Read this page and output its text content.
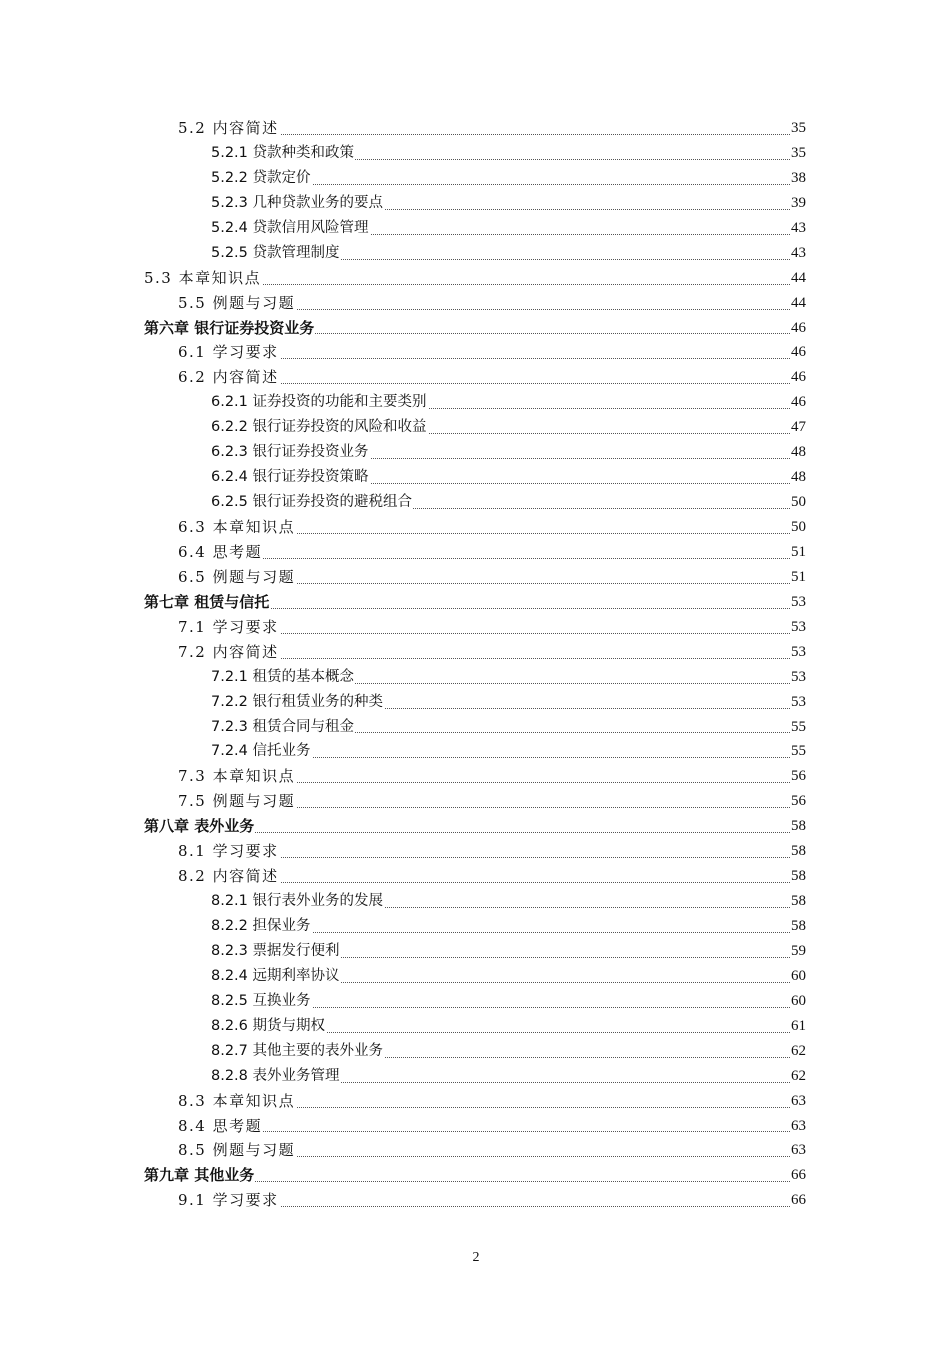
5.2 内容简述	35
5.2.1 贷款种类和政策	35
5.2.2 贷款定价	38
5.2.3 几种贷款业务的要点	39
5.2.4 贷款信用风险管理	43
5.2.5 贷款管理制度	43
5.3 本章知识点	44
5.5 例题与习题	44
第六章 银行证券投资业务	46
6.1 学习要求	46
6.2 内容简述	46
6.2.1 证券投资的功能和主要类别	46
6.2.2 银行证券投资的风险和收益	47
6.2.3 银行证券投资业务	48
6.2.4 银行证券投资策略	48
6.2.5 银行证券投资的避税组合	50
6.3 本章知识点	50
6.4 思考题	51
6.5 例题与习题	51
第七章 租赁与信托	53
7.1 学习要求	53
7.2 内容简述	53
7.2.1 租赁的基本概念	53
7.2.2 银行租赁业务的种类	53
7.2.3 租赁合同与租金	55
7.2.4 信托业务	55
7.3 本章知识点	56
7.5 例题与习题	56
第八章 表外业务	58
8.1 学习要求	58
8.2 内容简述	58
8.2.1 银行表外业务的发展	58
8.2.2 担保业务	58
8.2.3 票据发行便利	59
8.2.4 远期利率协议	60
8.2.5 互换业务	60
8.2.6 期货与期权	61
8.2.7 其他主要的表外业务	62
8.2.8 表外业务管理	62
8.3 本章知识点	63
8.4 思考题	63
8.5 例题与习题	63
第九章 其他业务	66
9.1 学习要求	66
2
